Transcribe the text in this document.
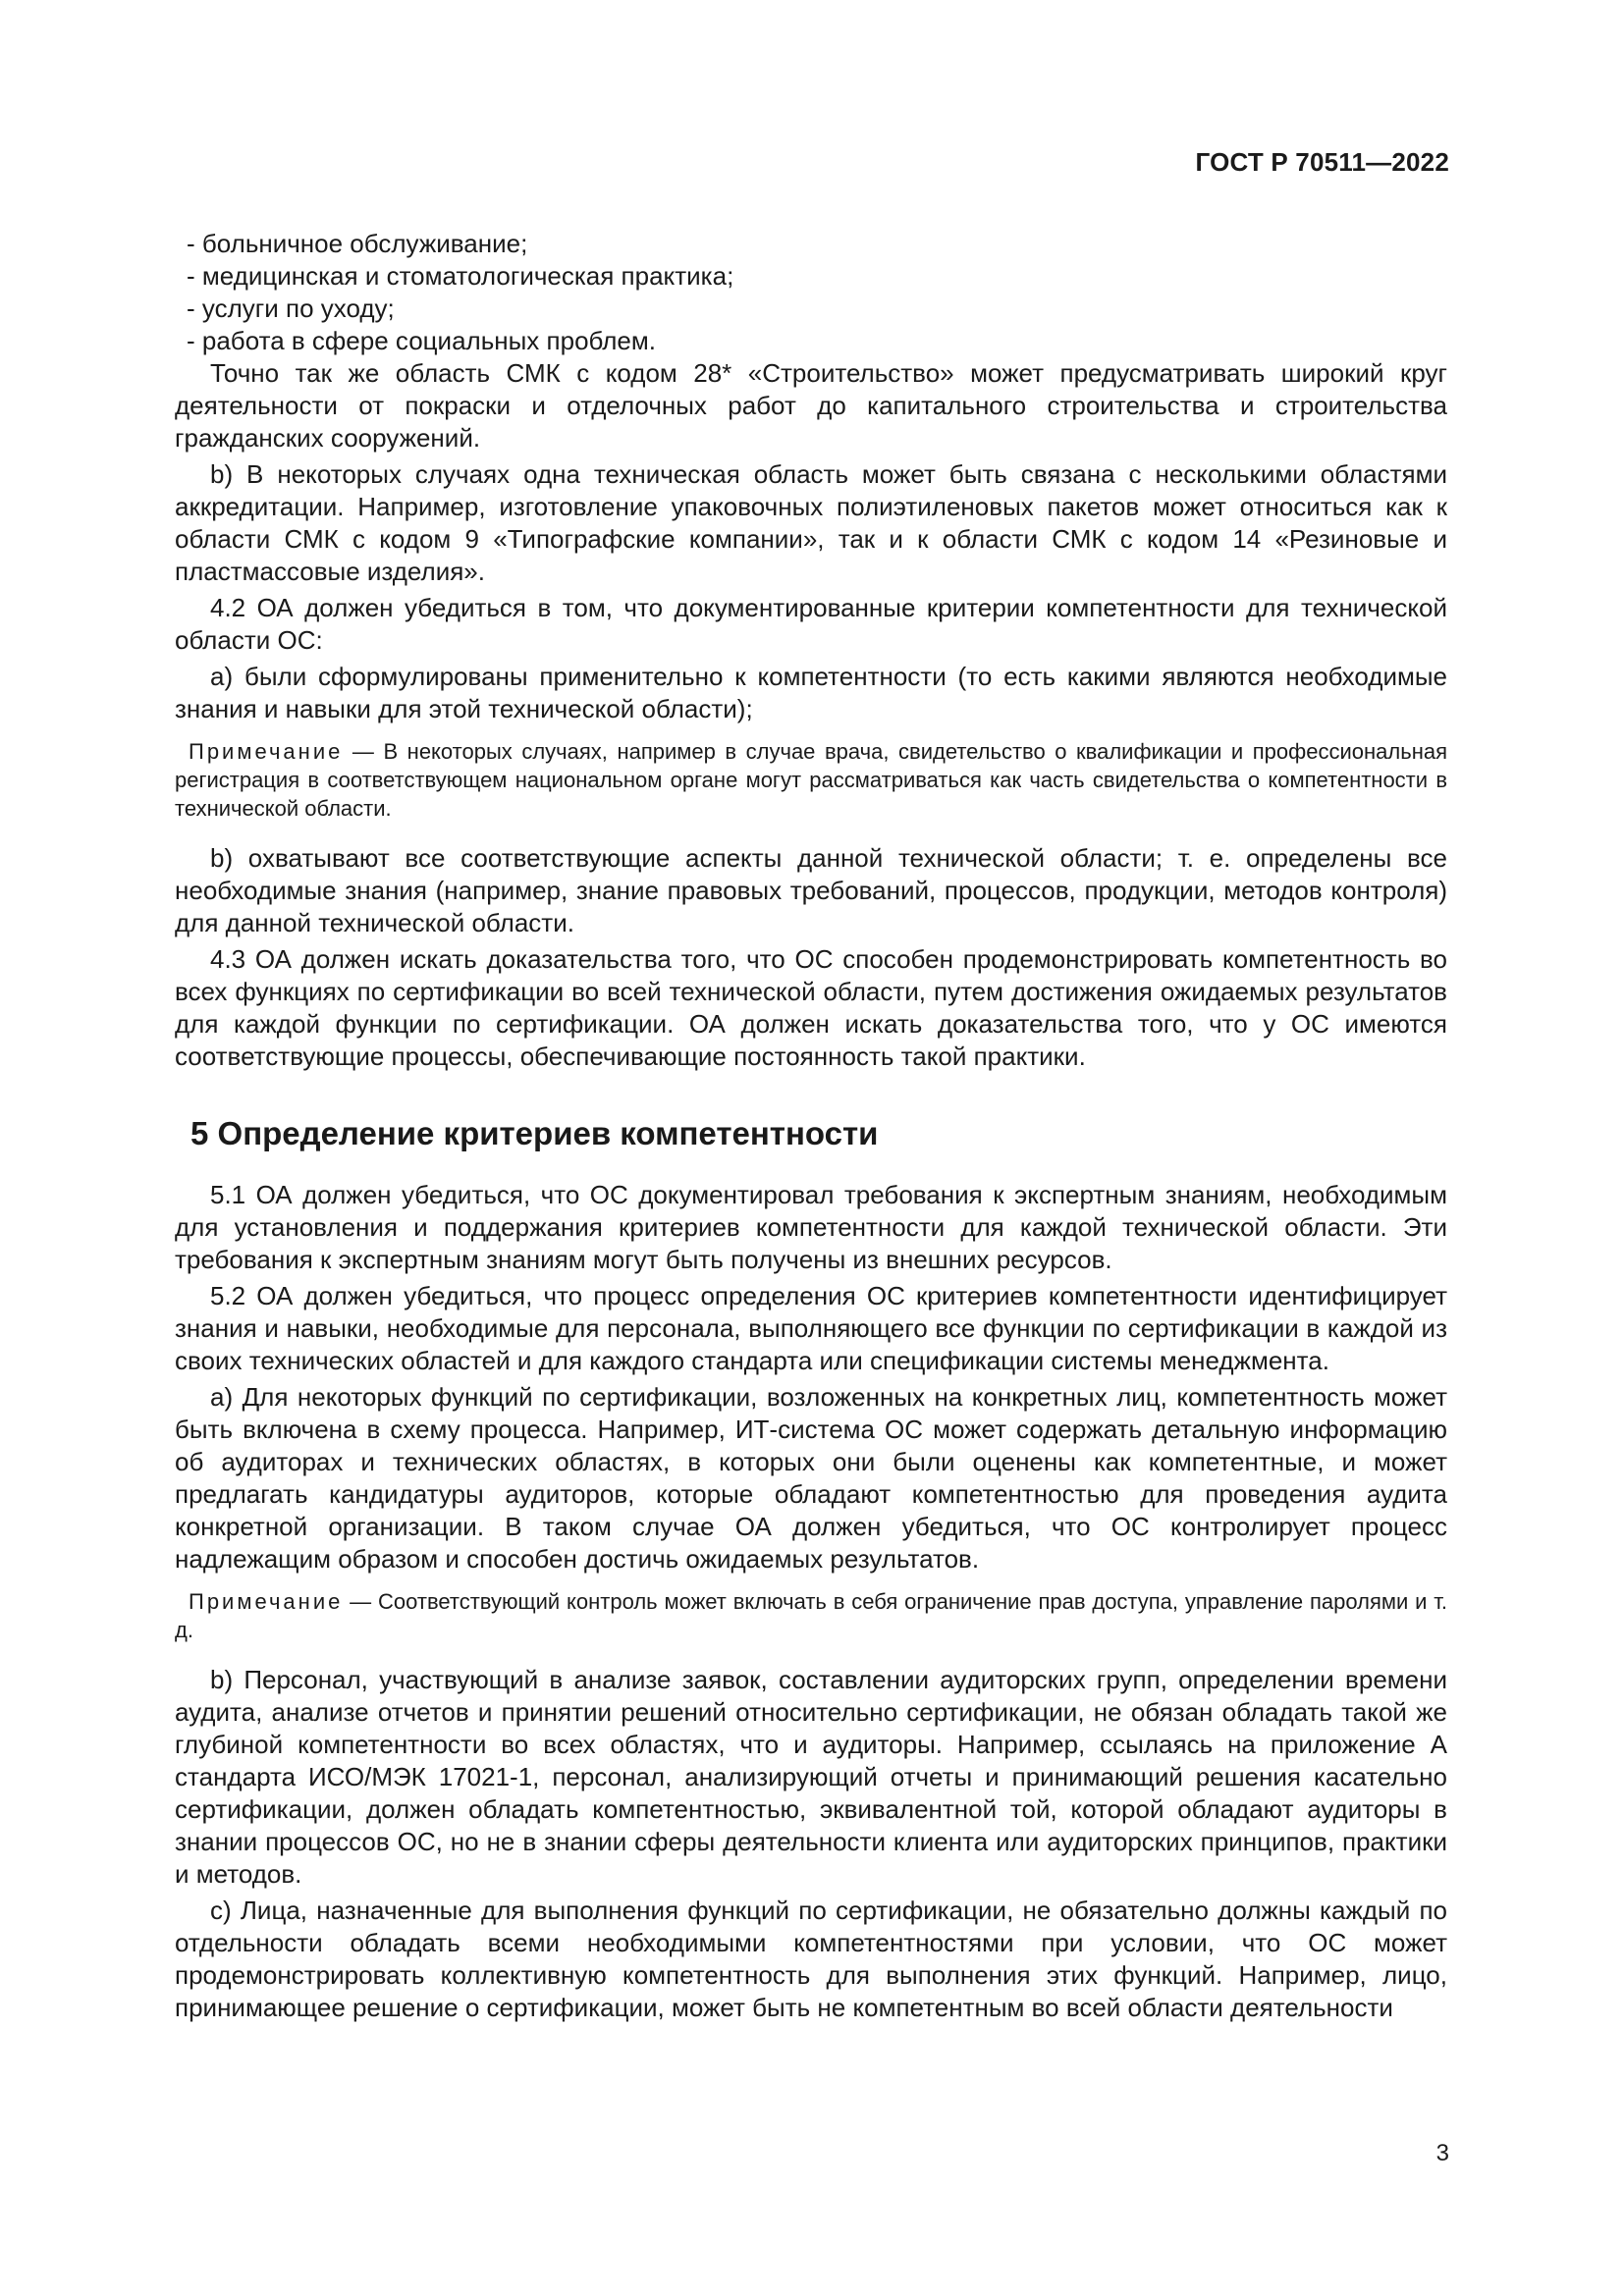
ГОСТ Р 70511—2022
- больничное обслуживание;
- медицинская и стоматологическая практика;
- услуги по уходу;
- работа в сфере социальных проблем.

Точно так же область СМК с кодом 28* «Строительство» может предусматривать широкий круг деятельности от покраски и отделочных работ до капитального строительства и строительства гражданских сооружений.

b) В некоторых случаях одна техническая область может быть связана с несколькими областями аккредитации. Например, изготовление упаковочных полиэтиленовых пакетов может относиться как к области СМК с кодом 9 «Типографские компании», так и к области СМК с кодом 14 «Резиновые и пластмассовые изделия».

4.2 ОА должен убедиться в том, что документированные критерии компетентности для технической области ОС:

а) были сформулированы применительно к компетентности (то есть какими являются необходимые знания и навыки для этой технической области);

Примечание — В некоторых случаях, например в случае врача, свидетельство о квалификации и профессиональная регистрация в соответствующем национальном органе могут рассматриваться как часть свидетельства о компетентности в технической области.

b) охватывают все соответствующие аспекты данной технической области; т. е. определены все необходимые знания (например, знание правовых требований, процессов, продукции, методов контроля) для данной технической области.

4.3 ОА должен искать доказательства того, что ОС способен продемонстрировать компетентность во всех функциях по сертификации во всей технической области, путем достижения ожидаемых результатов для каждой функции по сертификации. ОА должен искать доказательства того, что у ОС имеются соответствующие процессы, обеспечивающие постоянность такой практики.

5 Определение критериев компетентности

5.1 ОА должен убедиться, что ОС документировал требования к экспертным знаниям, необходимым для установления и поддержания критериев компетентности для каждой технической области. Эти требования к экспертным знаниям могут быть получены из внешних ресурсов.

5.2 ОА должен убедиться, что процесс определения ОС критериев компетентности идентифицирует знания и навыки, необходимые для персонала, выполняющего все функции по сертификации в каждой из своих технических областей и для каждого стандарта или спецификации системы менеджмента.

а) Для некоторых функций по сертификации, возложенных на конкретных лиц, компетентность может быть включена в схему процесса. Например, ИТ-система ОС может содержать детальную информацию об аудиторах и технических областях, в которых они были оценены как компетентные, и может предлагать кандидатуры аудиторов, которые обладают компетентностью для проведения аудита конкретной организации. В таком случае ОА должен убедиться, что ОС контролирует процесс надлежащим образом и способен достичь ожидаемых результатов.

Примечание — Соответствующий контроль может включать в себя ограничение прав доступа, управление паролями и т. д.

b) Персонал, участвующий в анализе заявок, составлении аудиторских групп, определении времени аудита, анализе отчетов и принятии решений относительно сертификации, не обязан обладать такой же глубиной компетентности во всех областях, что и аудиторы. Например, ссылаясь на приложение А стандарта ИСО/МЭК 17021-1, персонал, анализирующий отчеты и принимающий решения касательно сертификации, должен обладать компетентностью, эквивалентной той, которой обладают аудиторы в знании процессов ОС, но не в знании сферы деятельности клиента или аудиторских принципов, практики и методов.

с) Лица, назначенные для выполнения функций по сертификации, не обязательно должны каждый по отдельности обладать всеми необходимыми компетентностями при условии, что ОС может продемонстрировать коллективную компетентность для выполнения этих функций. Например, лицо, принимающее решение о сертификации, может быть не компетентным во всей области деятельности

3
